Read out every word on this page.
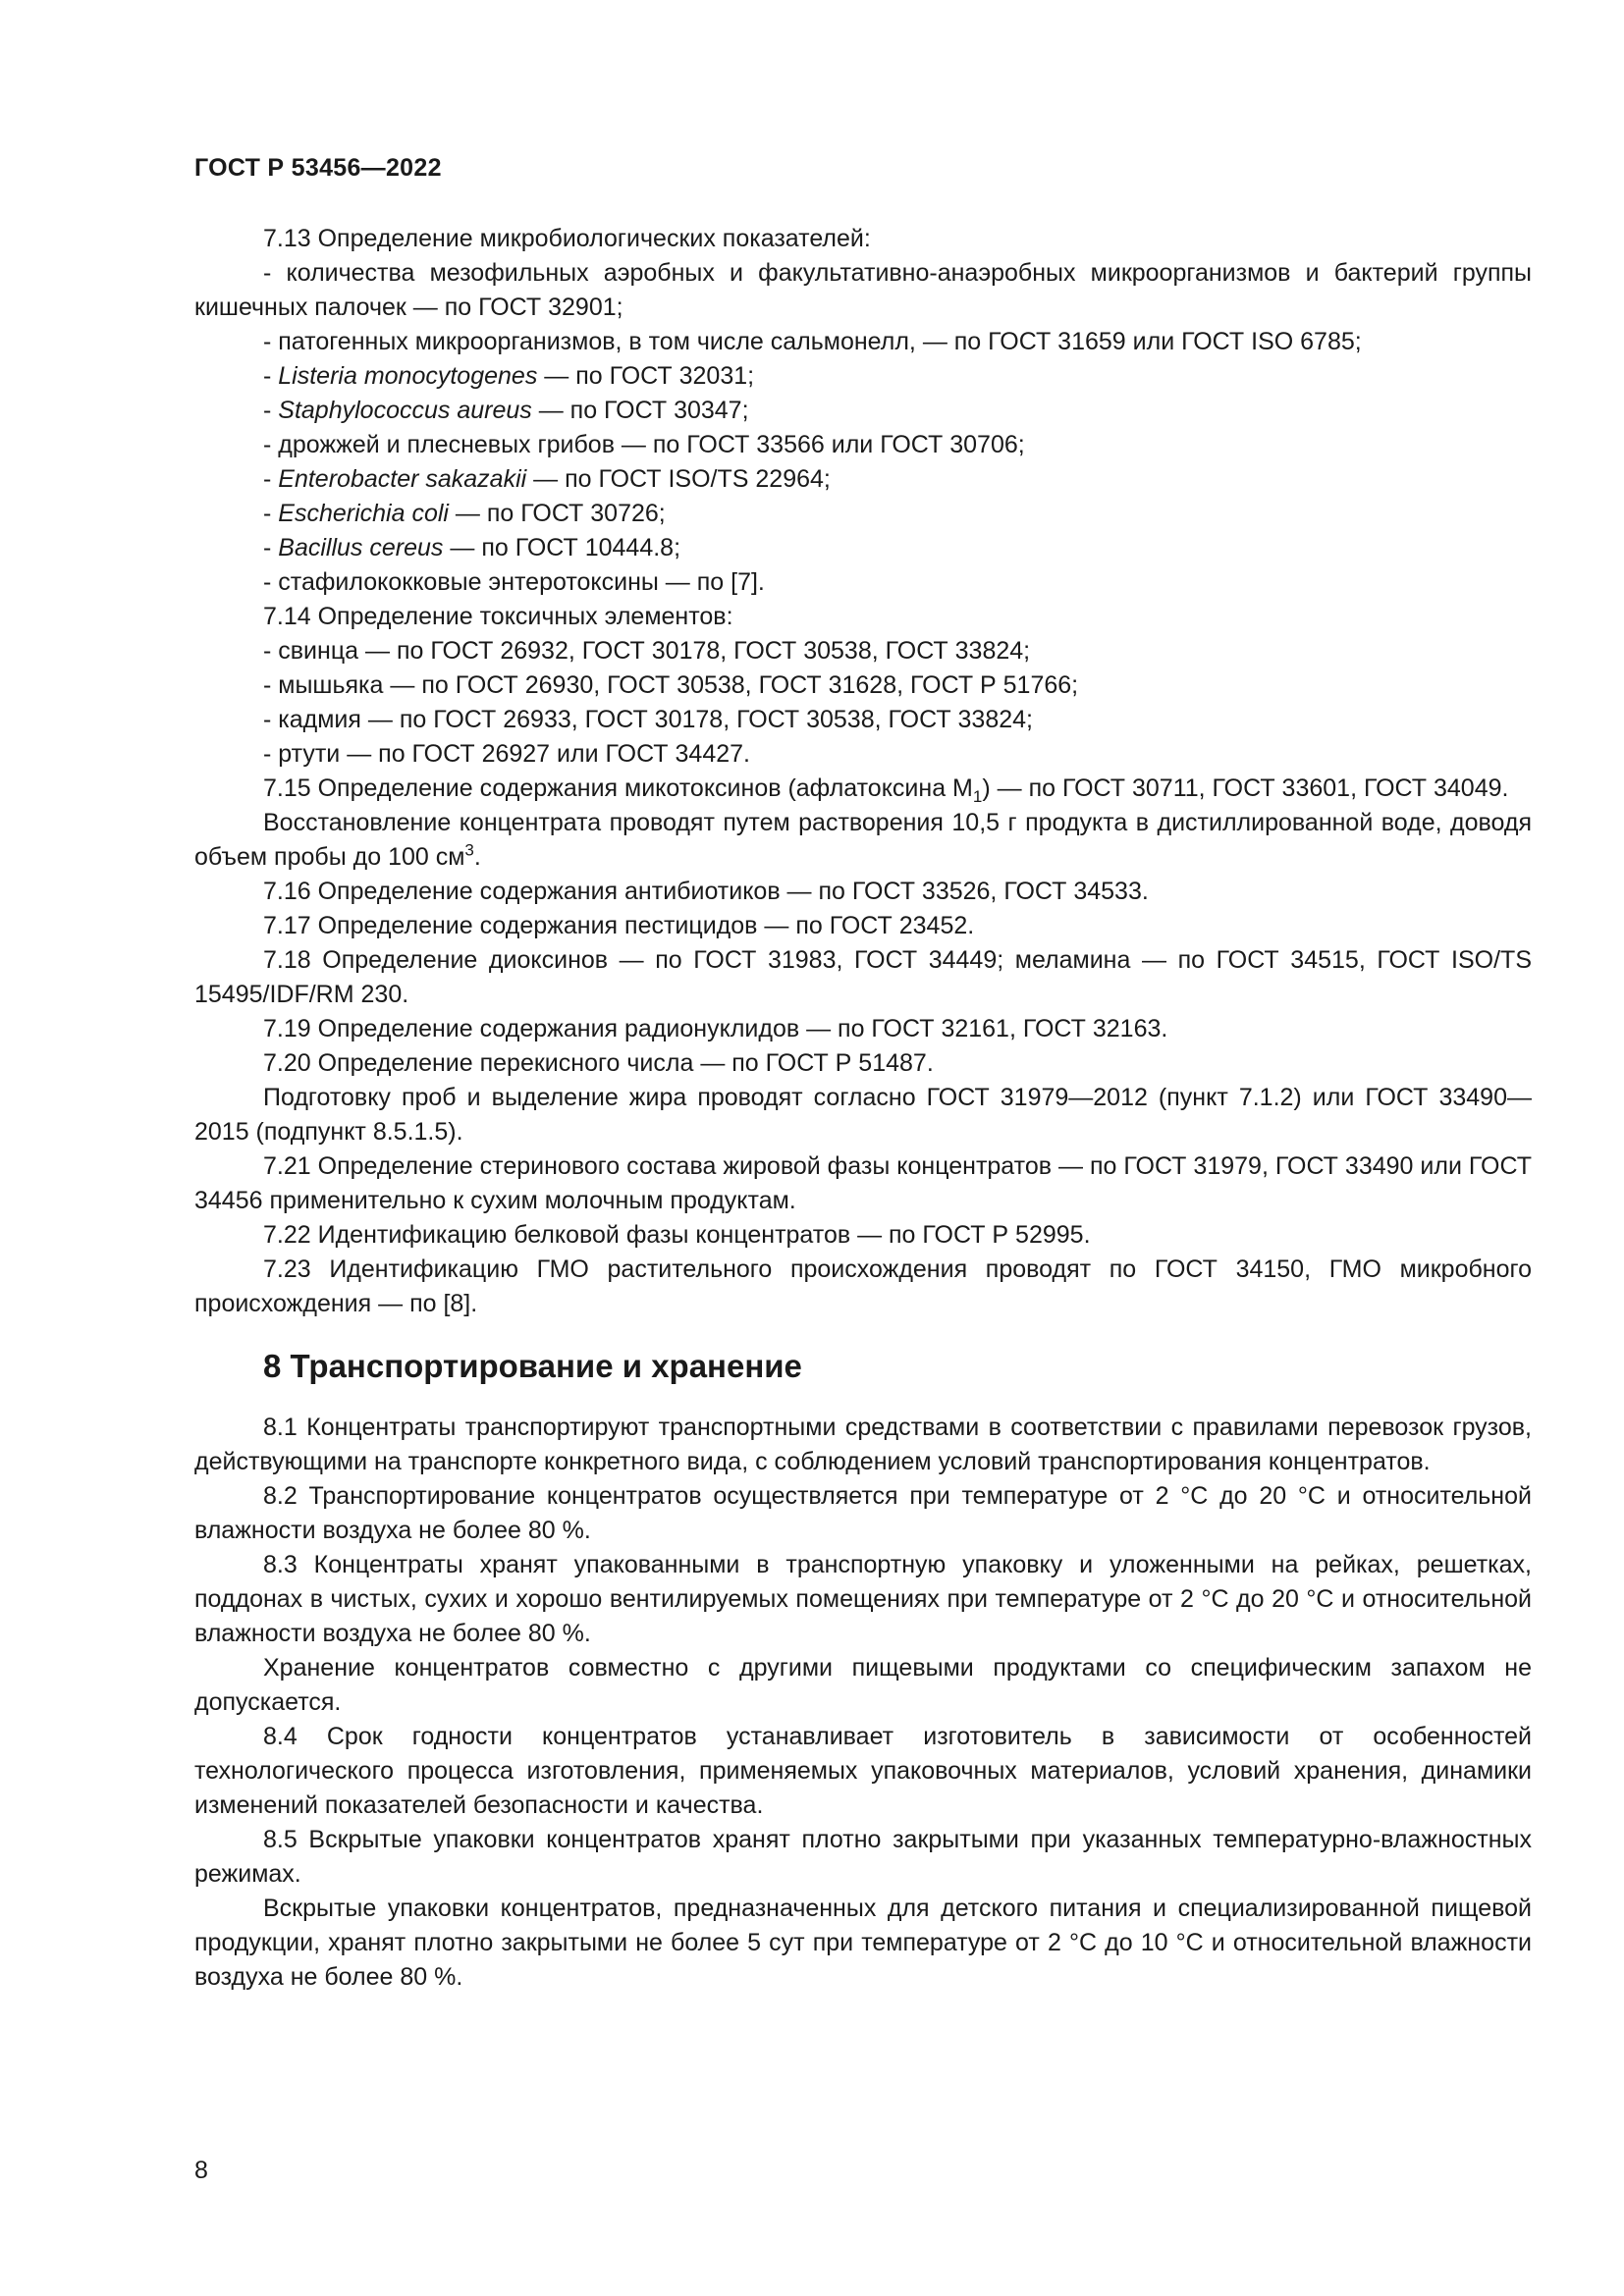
ГОСТ Р 53456—2022

7.13 Определение микробиологических показателей:

- количества мезофильных аэробных и факультативно-анаэробных микроорганизмов и бактерий группы кишечных палочек — по ГОСТ 32901;

- патогенных микроорганизмов, в том числе сальмонелл, — по ГОСТ 31659 или ГОСТ ISO 6785;

- Listeria monocytogenes — по ГОСТ 32031;

- Staphylococcus aureus — по ГОСТ 30347;

- дрожжей и плесневых грибов — по ГОСТ 33566 или ГОСТ 30706;

- Enterobacter sakazakii — по ГОСТ ISO/TS 22964;

- Escherichia coli — по ГОСТ 30726;

- Bacillus cereus — по ГОСТ 10444.8;

- стафилококковые энтеротоксины — по [7].

7.14 Определение токсичных элементов:

- свинца — по ГОСТ 26932, ГОСТ 30178, ГОСТ 30538, ГОСТ 33824;

- мышьяка — по ГОСТ 26930, ГОСТ 30538, ГОСТ 31628, ГОСТ Р 51766;

- кадмия — по ГОСТ 26933, ГОСТ 30178, ГОСТ 30538, ГОСТ 33824;

- ртути — по ГОСТ 26927 или ГОСТ 34427.

7.15 Определение содержания микотоксинов (афлатоксина $M_1$) — по ГОСТ 30711, ГОСТ 33601, ГОСТ 34049.

Восстановление концентрата проводят путем растворения 10,5 г продукта в дистиллированной воде, доводя объем пробы до 100 $см^3$.

7.16 Определение содержания антибиотиков — по ГОСТ 33526, ГОСТ 34533.

7.17 Определение содержания пестицидов — по ГОСТ 23452.

7.18 Определение диоксинов — по ГОСТ 31983, ГОСТ 34449; меламина — по ГОСТ 34515, ГОСТ ISO/TS 15495/IDF/RM 230.

7.19 Определение содержания радионуклидов — по ГОСТ 32161, ГОСТ 32163.

7.20 Определение перекисного числа — по ГОСТ Р 51487.

Подготовку проб и выделение жира проводят согласно ГОСТ 31979—2012 (пункт 7.1.2) или ГОСТ 33490—2015 (подпункт 8.5.1.5).

7.21 Определение стеринового состава жировой фазы концентратов — по ГОСТ 31979, ГОСТ 33490 или ГОСТ 34456 применительно к сухим молочным продуктам.

7.22 Идентификацию белковой фазы концентратов — по ГОСТ Р 52995.

7.23 Идентификацию ГМО растительного происхождения проводят по ГОСТ 34150, ГМО микробного происхождения — по [8].

8 Транспортирование и хранение

8.1 Концентраты транспортируют транспортными средствами в соответствии с правилами перевозок грузов, действующими на транспорте конкретного вида, с соблюдением условий транспортирования концентратов.

8.2 Транспортирование концентратов осуществляется при температуре от 2 °С до 20 °С и относительной влажности воздуха не более 80 %.

8.3 Концентраты хранят упакованными в транспортную упаковку и уложенными на рейках, решетках, поддонах в чистых, сухих и хорошо вентилируемых помещениях при температуре от 2 °С до 20 °С и относительной влажности воздуха не более 80 %.

Хранение концентратов совместно с другими пищевыми продуктами со специфическим запахом не допускается.

8.4 Срок годности концентратов устанавливает изготовитель в зависимости от особенностей технологического процесса изготовления, применяемых упаковочных материалов, условий хранения, динамики изменений показателей безопасности и качества.

8.5 Вскрытые упаковки концентратов хранят плотно закрытыми при указанных температурно-влажностных режимах.

Вскрытые упаковки концентратов, предназначенных для детского питания и специализированной пищевой продукции, хранят плотно закрытыми не более 5 сут при температуре от 2 °С до 10 °С и относительной влажности воздуха не более 80 %.

8
